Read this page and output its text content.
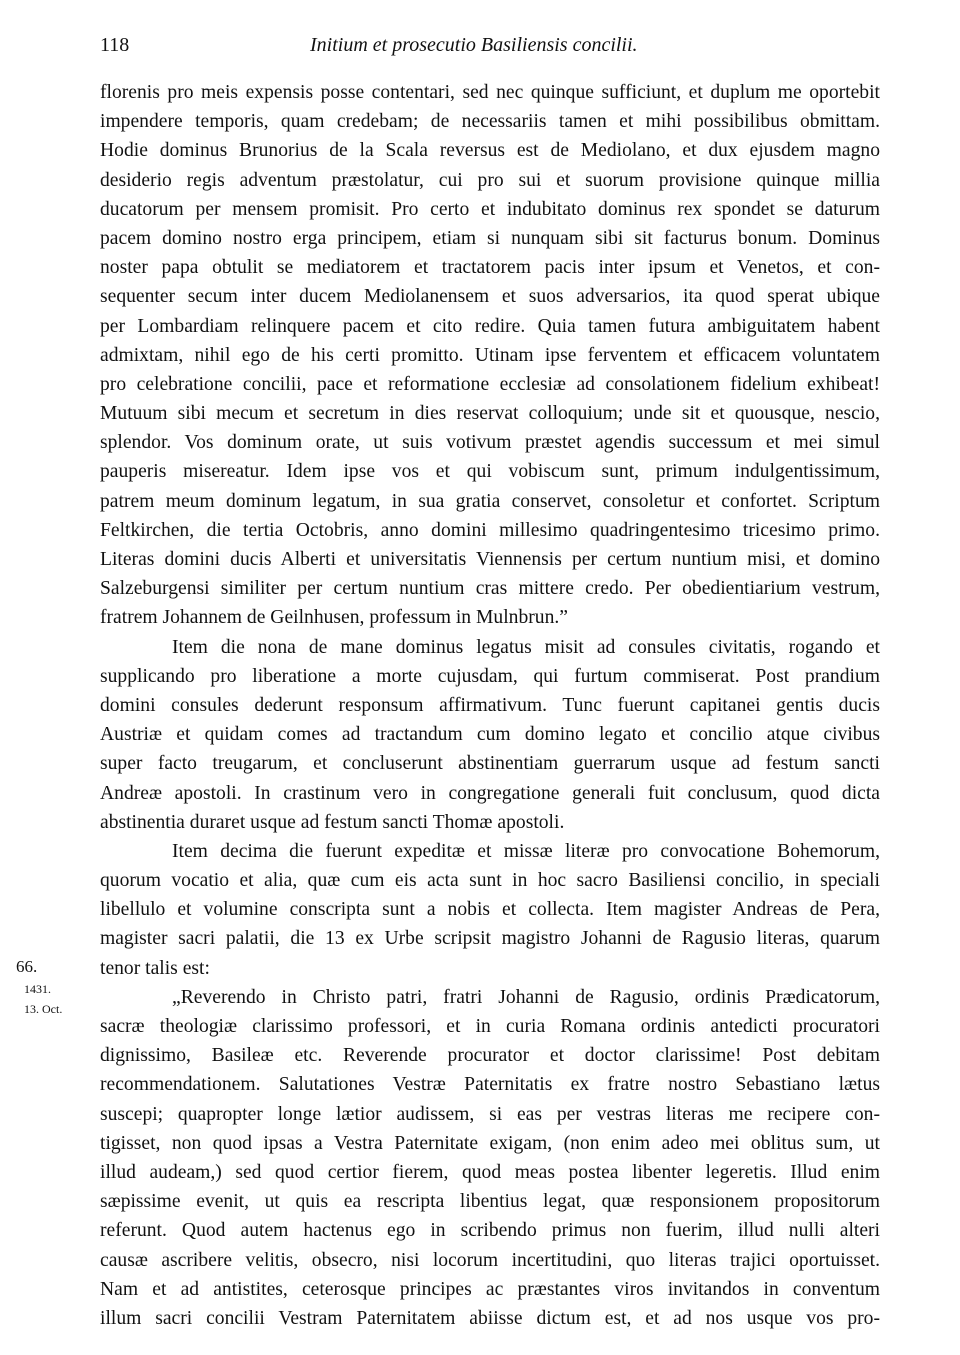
118	Initium et prosecutio Basiliensis concilii.
66.
1431.
13. Oct.
florenis pro meis expensis posse contentari, sed nec quinque sufficiunt, et duplum me oportebit
impendere temporis, quam credebam; de necessariis tamen et mihi possibilibus obmittam.
Hodie dominus Brunorius de la Scala reversus est de Mediolano, et dux ejusdem magno
desiderio regis adventum præstolatur, cui pro sui et suorum provisione quinque millia
ducatorum per mensem promisit. Pro certo et indubitato dominus rex spondet se daturum
pacem domino nostro erga principem, etiam si nunquam sibi sit facturus bonum. Dominus
noster papa obtulit se mediatorem et tractatorem pacis inter ipsum et Venetos, et con-
sequenter secum inter ducem Mediolanensem et suos adversarios, ita quod sperat ubique
per Lombardiam relinquere pacem et cito redire. Quia tamen futura ambiguitatem habent
admixtam, nihil ego de his certi promitto. Utinam ipse ferventem et efficacem voluntatem
pro celebratione concilii, pace et reformatione ecclesiæ ad consolationem fidelium exhibeat!
Mutuum sibi mecum et secretum in dies reservat colloquium; unde sit et quousque, nescio,
splendor. Vos dominum orate, ut suis votivum præstet agendis successum et mei simul
pauperis misereatur. Idem ipse vos et qui vobiscum sunt, primum indulgentissimum,
patrem meum dominum legatum, in sua gratia conservet, consoletur et confortet. Scriptum
Feltkirchen, die tertia Octobris, anno domini millesimo quadringentesimo tricesimo primo.
Literas domini ducis Alberti et universitatis Viennensis per certum nuntium misi, et domino
Salzeburgensi similiter per certum nuntium cras mittere credo. Per obedientiarium vestrum,
fratrem Johannem de Geilnhusen, professum in Mulnbrun.”
Item die nona de mane dominus legatus misit ad consules civitatis, rogando et
supplicando pro liberatione a morte cujusdam, qui furtum commiserat. Post prandium
domini consules dederunt responsum affirmativum. Tunc fuerunt capitanei gentis ducis
Austriæ et quidam comes ad tractandum cum domino legato et concilio atque civibus
super facto treugarum, et concluserunt abstinentiam guerrarum usque ad festum sancti
Andreæ apostoli. In crastinum vero in congregatione generali fuit conclusum, quod dicta
abstinentia duraret usque ad festum sancti Thomæ apostoli.
Item decima die fuerunt expeditæ et missæ literæ pro convocatione Bohemorum,
quorum vocatio et alia, quæ cum eis acta sunt in hoc sacro Basiliensi concilio, in speciali
libellulo et volumine conscripta sunt a nobis et collecta. Item magister Andreas de Pera,
magister sacri palatii, die 13 ex Urbe scripsit magistro Johanni de Ragusio literas, quarum
tenor talis est:
„Reverendo in Christo patri, fratri Johanni de Ragusio, ordinis Prædicatorum,
sacræ theologiæ clarissimo professori, et in curia Romana ordinis antedicti procuratori
dignissimo, Basileæ etc. Reverende procurator et doctor clarissime! Post debitam
recommendationem. Salutationes Vestræ Paternitatis ex fratre nostro Sebastiano lætus
suscepi; quapropter longe lætior audissem, si eas per vestras literas me recipere con-
tigisset, non quod ipsas a Vestra Paternitate exigam, (non enim adeo mei oblitus sum, ut
illud audeam,) sed quod certior fierem, quod meas postea libenter legeretis. Illud enim
sæpissime evenit, ut quis ea rescripta libentius legat, quæ responsionem propositorum
referunt. Quod autem hactenus ego in scribendo primus non fuerim, illud nulli alteri
causæ ascribere velitis, obsecro, nisi locorum incertitudini, quo literas trajici oportuisset.
Nam et ad antistites, ceterosque principes ac præstantes viros invitandos in conventum
illum sacri concilii Vestram Paternitatem abiisse dictum est, et ad nos usque vos pro-
